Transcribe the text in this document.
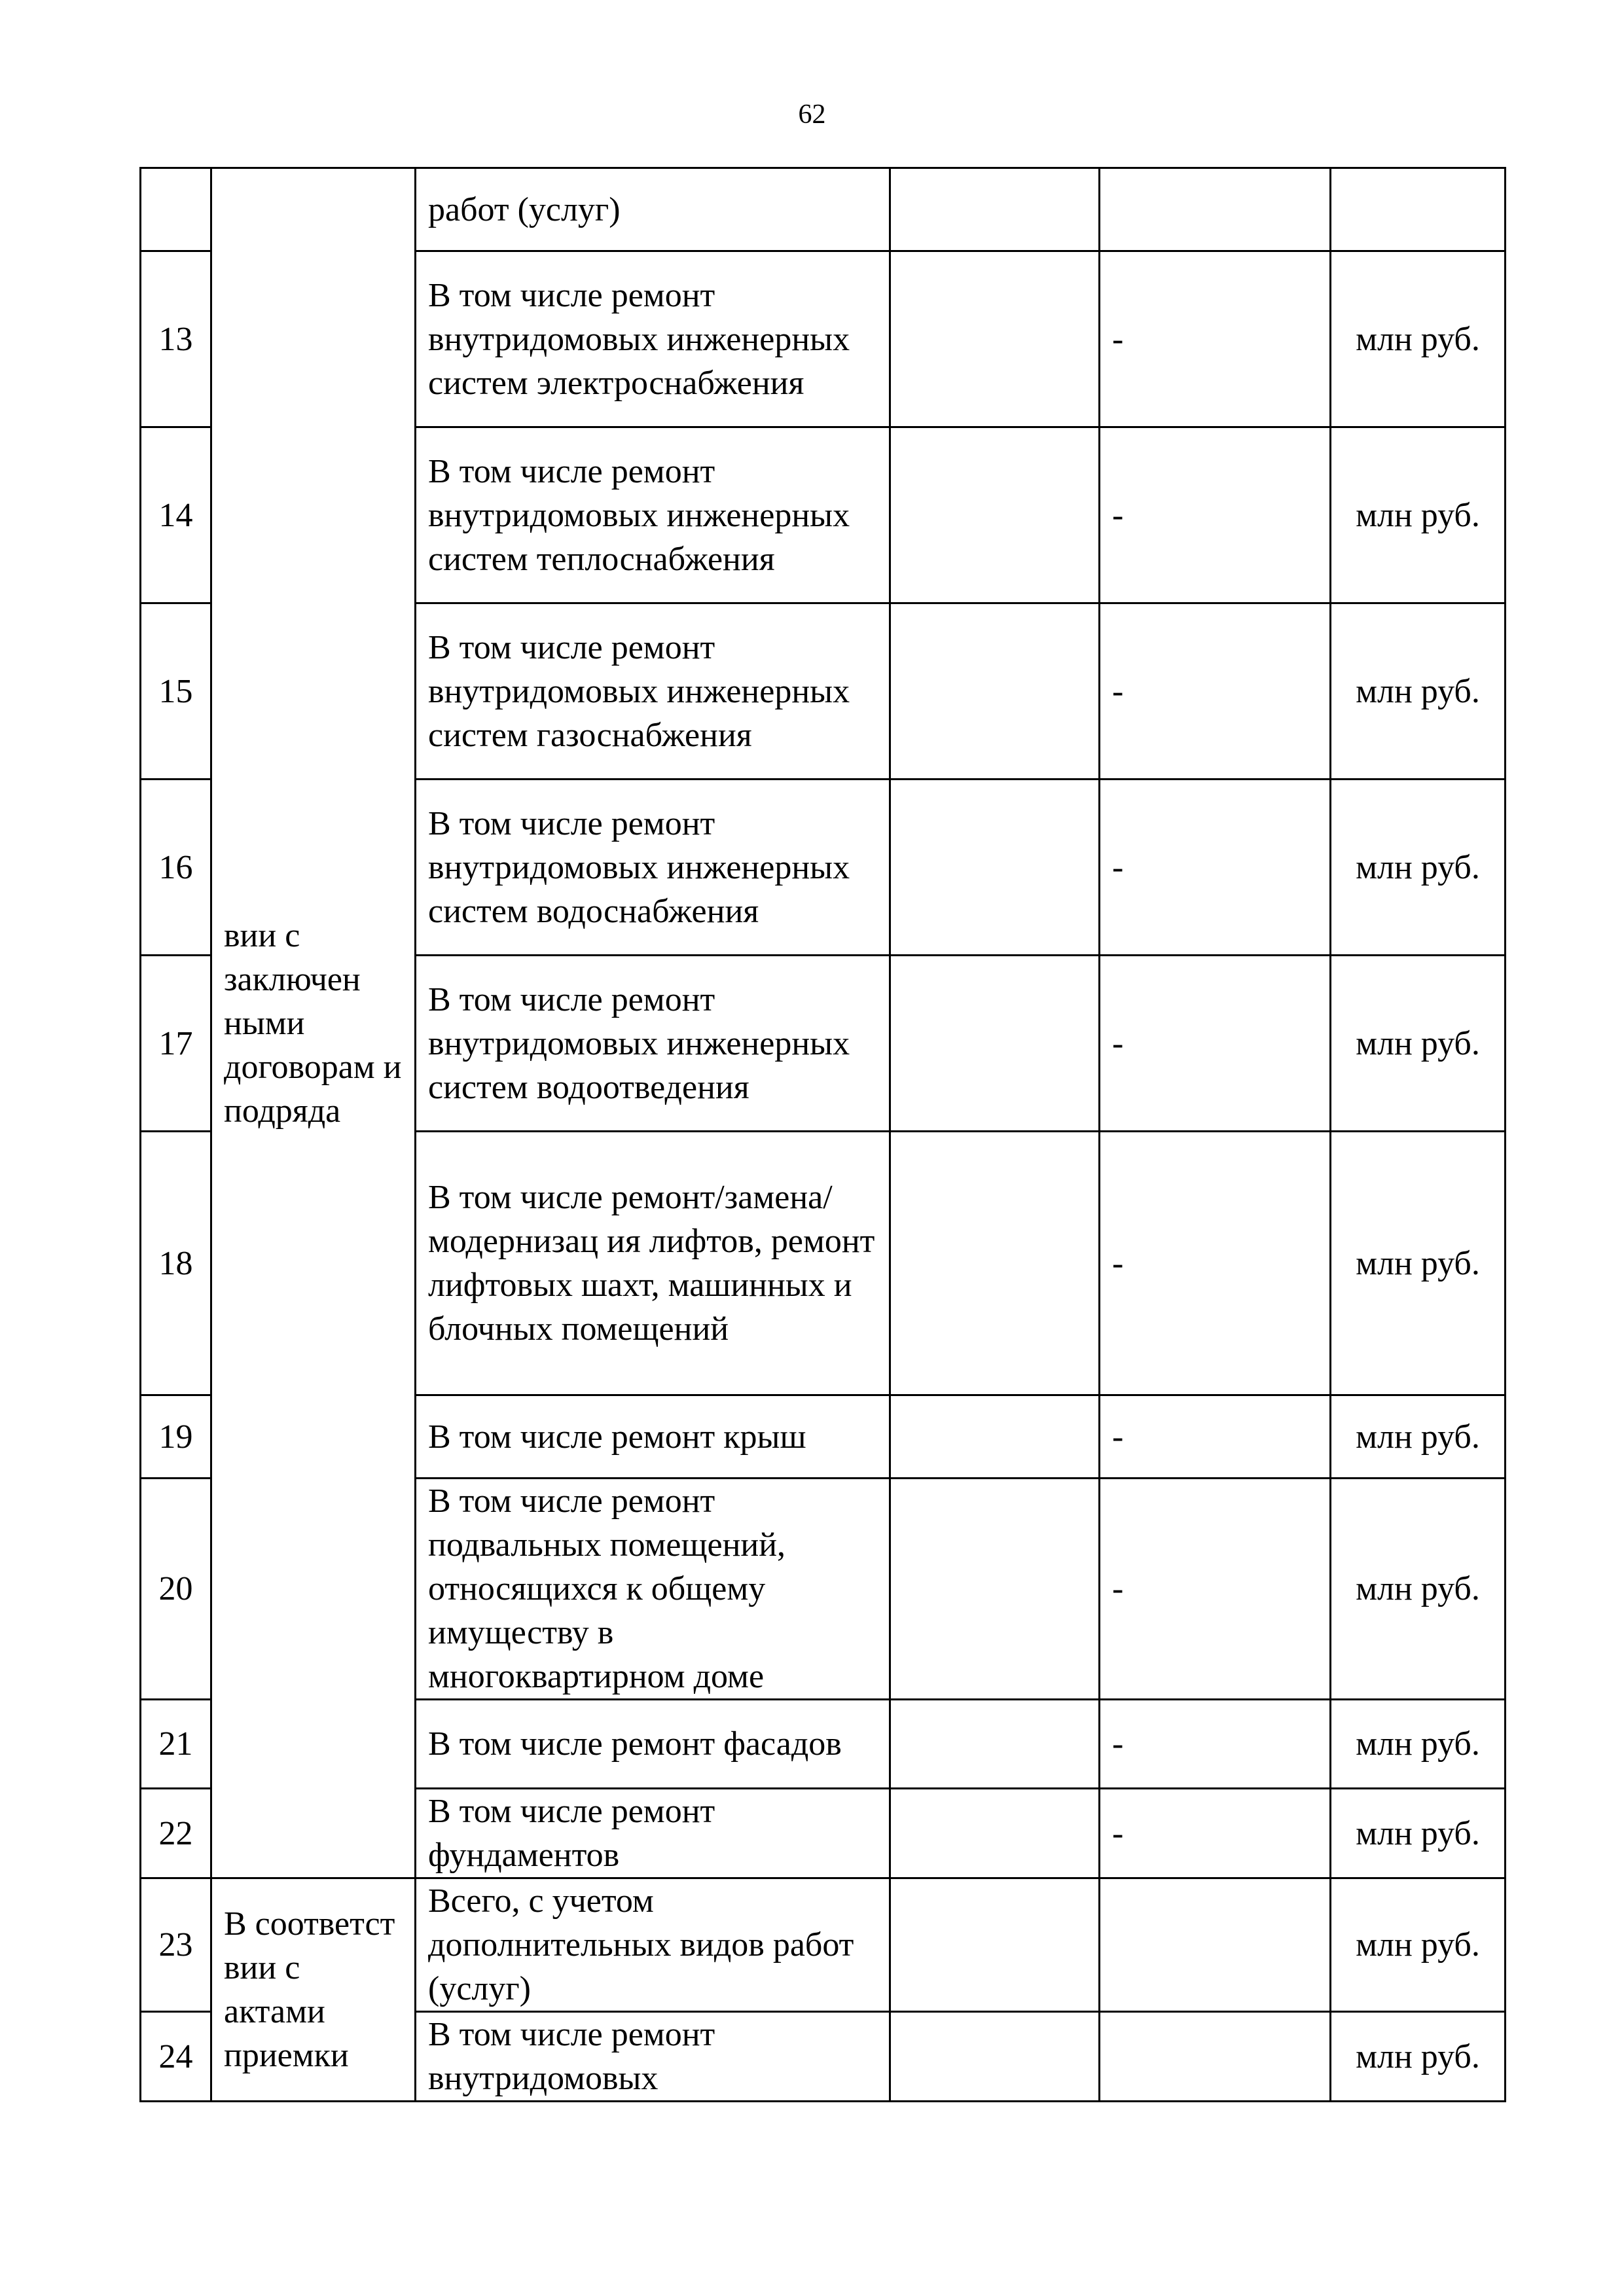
62
	вии с заключен ными договорам и подряда	работ (услуг)			
13		В том числе ремонт внутридомовых инженерных систем электроснабжения		-	млн руб.
14		В том числе ремонт внутридомовых инженерных систем теплоснабжения		-	млн руб.
15		В том числе ремонт внутридомовых инженерных систем газоснабжения		-	млн руб.
16		В том числе ремонт внутридомовых инженерных систем водоснабжения		-	млн руб.
17		В том числе ремонт внутридомовых инженерных систем водоотведения		-	млн руб.
18		В том числе ремонт/замена/модернизац ия лифтов, ремонт лифтовых шахт, машинных и блочных помещений		-	млн руб.
19		В том числе ремонт крыш		-	млн руб.
20		В том числе ремонт подвальных помещений, относящихся к общему имуществу в многоквартирном доме		-	млн руб.
21		В том числе ремонт фасадов		-	млн руб.
22		В том числе ремонт фундаментов		-	млн руб.
23	В соответст вии с актами приемки	Всего, с учетом дополнительных видов работ (услуг)			млн руб.
24		В том числе ремонт внутридомовых			млн руб.
